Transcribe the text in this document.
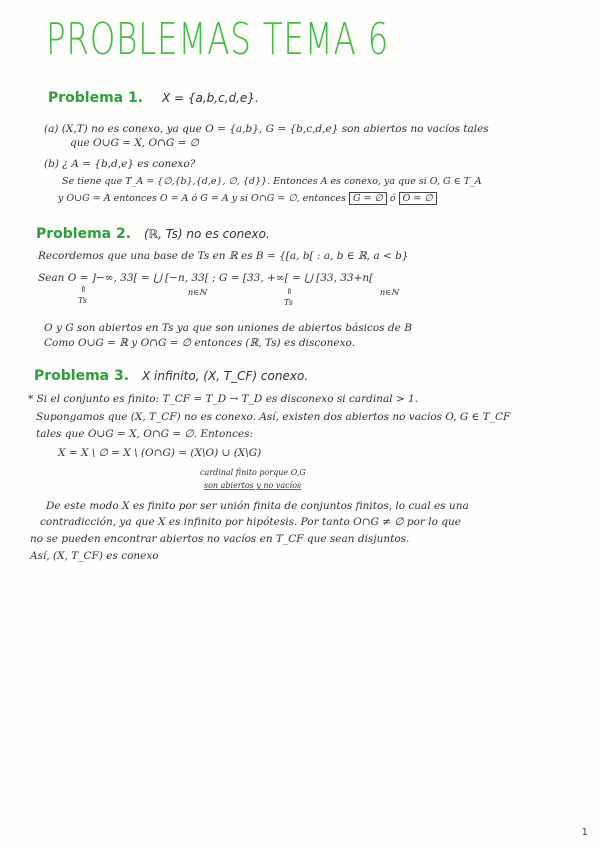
PROBLEMAS TEMA 6
Problema 1. X = {a,b,c,d,e}.
(a) (X,T) no es conexo, ya que O = {a,b}, G = {b,c,d,e} son abiertos no vacíos tales
que O∪G = X, O∩G = ∅
(b) ¿ A = {b,d,e} es conexo?
Se tiene que T_A = {∅,{b},{d,e}, ∅, {d}}. Entonces A es conexo, ya que si O, G ∈ T_A
y O∪G = A entonces O = A ó G = A y si O∩G = ∅, entonces G = ∅ ó O = ∅
Problema 2. (ℝ, Ts) no es conexo.
Recordemos que una base de Ts en ℝ es B = {[a, b[ : a, b ∈ ℝ, a < b}
Sean O = ]−∞, 33[ = ⋃ [−n, 33[ ; G = [33, +∞[ = ⋃ [33, 33+n[
n∈ℕ	n∈ℕ
⇑
Ts
⇑
Ts
O y G son abiertos en Ts ya que son uniones de abiertos básicos de B
Como O∪G = ℝ y O∩G = ∅ entonces (ℝ, Ts) es disconexo.
Problema 3. X infinito, (X, T_CF) conexo.
* Si el conjunto es finito: T_CF = T_D → T_D es disconexo si cardinal > 1.
Supongamos que (X, T_CF) no es conexo. Así, existen dos abiertos no vacíos O, G ∈ T_CF
tales que O∪G = X, O∩G = ∅. Entonces:
X = X \ ∅ = X \ (O∩G) = (X\O) ∪ (X\G)
cardinal finito porque O,G
son abiertos y no vacíos
De este modo X es finito por ser unión finita de conjuntos finitos, lo cual es una
contradicción, ya que X es infinito por hipótesis. Por tanto O∩G ≠ ∅ por lo que
no se pueden encontrar abiertos no vacíos en T_CF que sean disjuntos.
Así, (X, T_CF) es conexo
1
